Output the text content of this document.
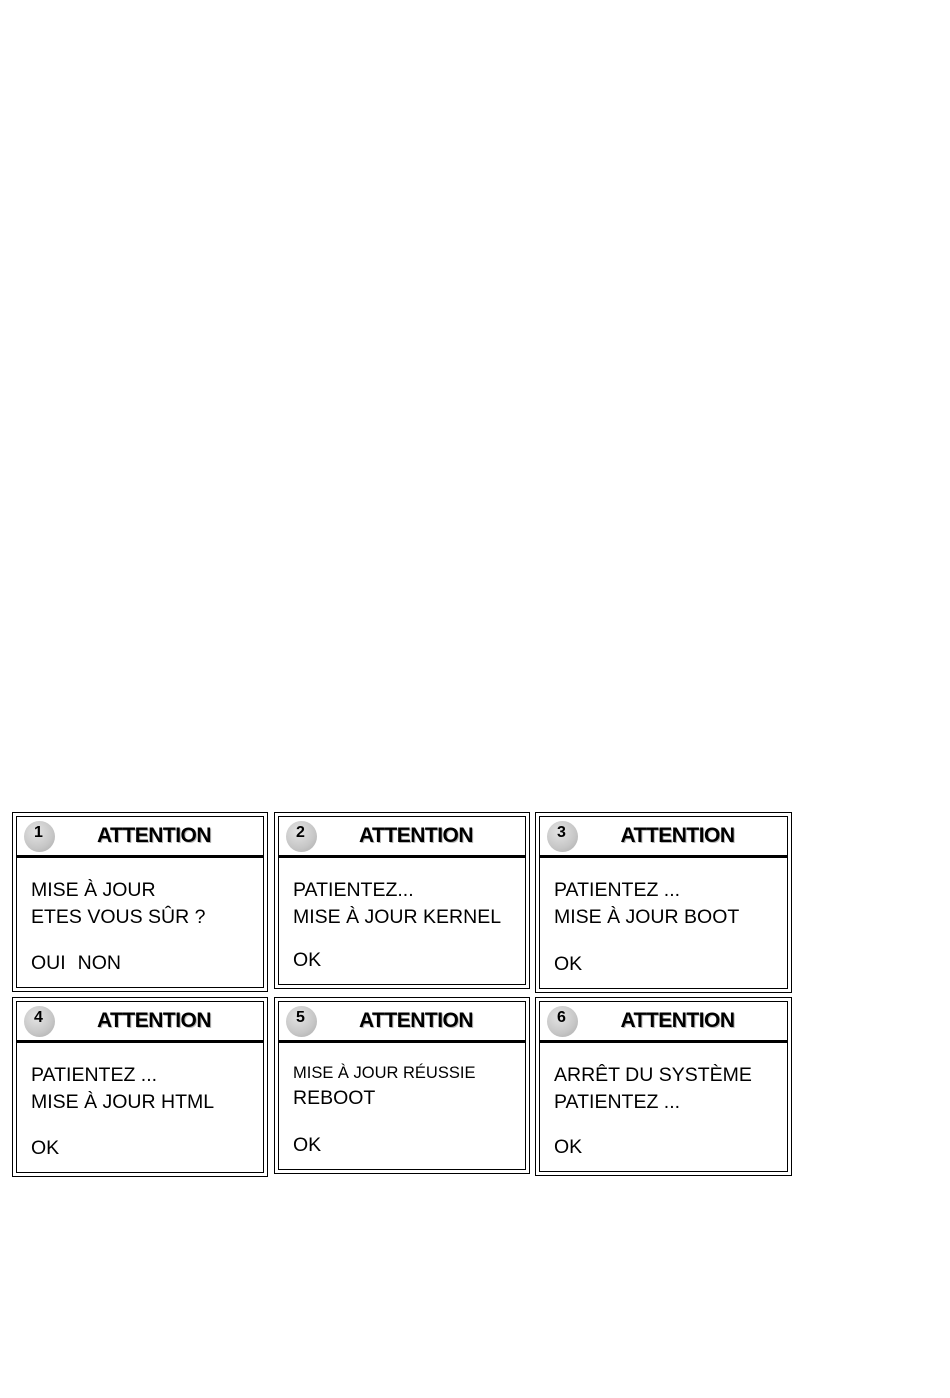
1	ATTENTION
MISE À JOUR
ETES VOUS SÛR ?
OUI NON
2	ATTENTION
PATIENTEZ...
MISE À JOUR KERNEL
OK
3	ATTENTION
PATIENTEZ ...
MISE À JOUR BOOT
OK
4	ATTENTION
PATIENTEZ ...
MISE À JOUR HTML
OK
5	ATTENTION
MISE À JOUR RÉUSSIE
REBOOT
OK
6	ATTENTION
ARRÊT DU SYSTÈME
PATIENTEZ ...
OK
